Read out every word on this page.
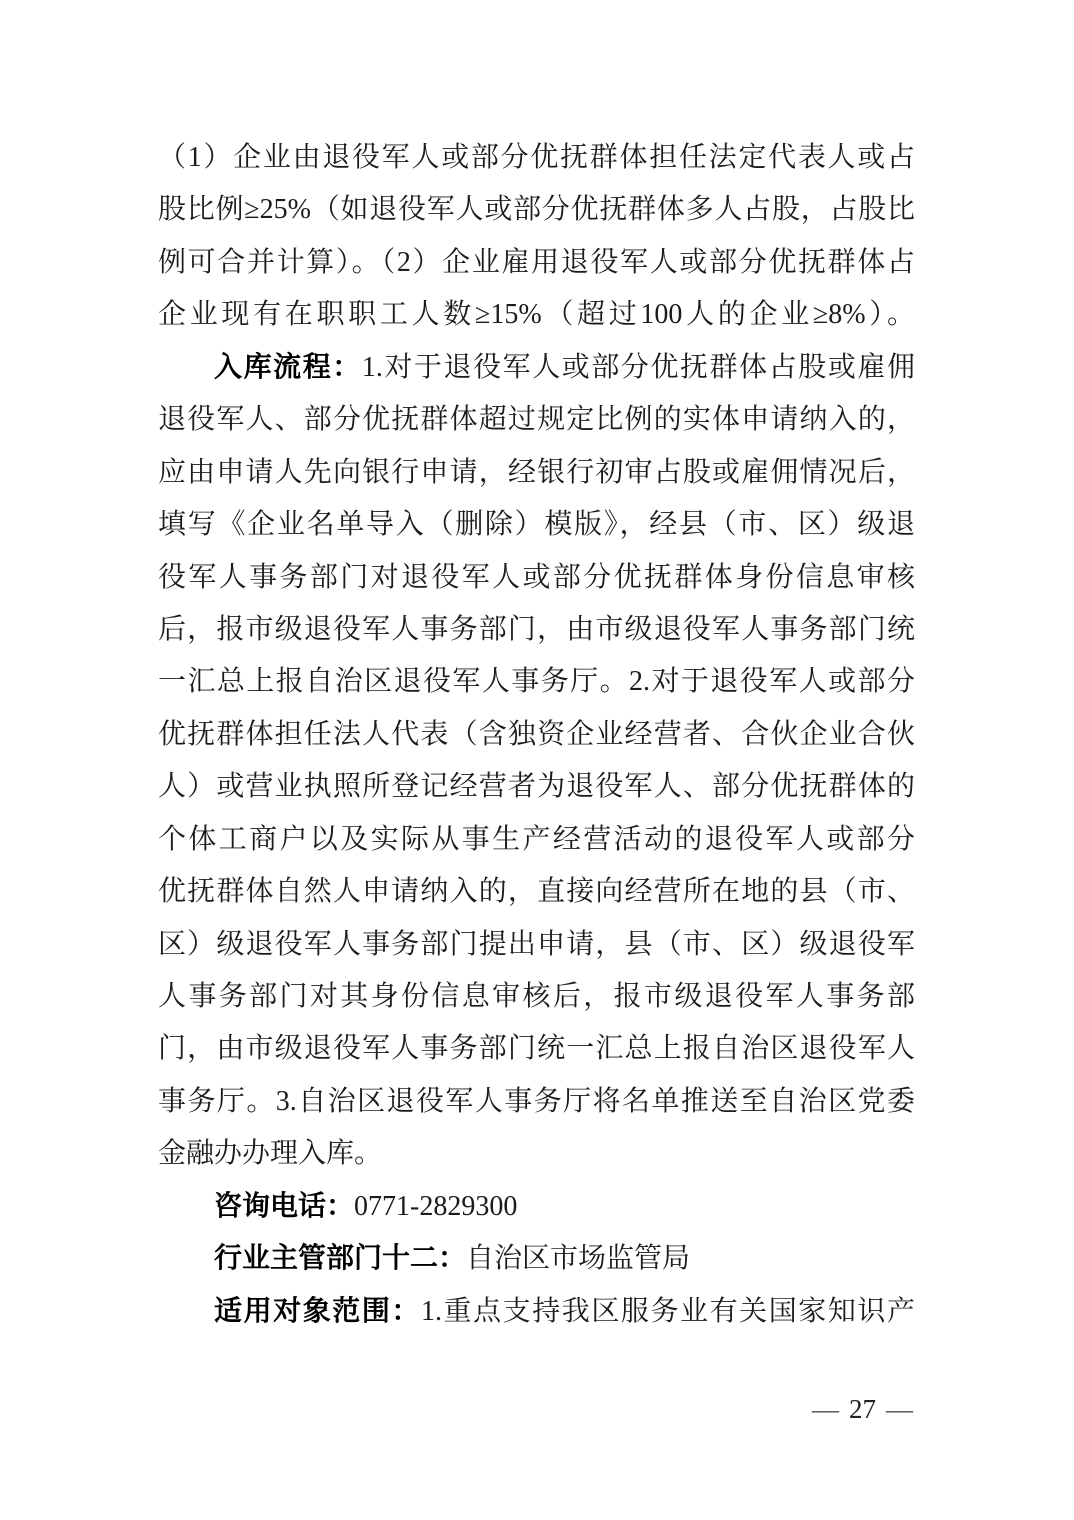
（1）企业由退役军人或部分优抚群体担任法定代表人或占
股比例≥25%（如退役军人或部分优抚群体多人占股，占股比
例可合并计算）。（2）企业雇用退役军人或部分优抚群体占
企业现有在职职工人数≥15%（超过100人的企业≥8%）。
入库流程：1.对于退役军人或部分优抚群体占股或雇佣
退役军人、部分优抚群体超过规定比例的实体申请纳入的，
应由申请人先向银行申请，经银行初审占股或雇佣情况后，
填写《企业名单导入（删除）模版》，经县（市、区）级退
役军人事务部门对退役军人或部分优抚群体身份信息审核
后，报市级退役军人事务部门，由市级退役军人事务部门统
一汇总上报自治区退役军人事务厅。2.对于退役军人或部分
优抚群体担任法人代表（含独资企业经营者、合伙企业合伙
人）或营业执照所登记经营者为退役军人、部分优抚群体的
个体工商户以及实际从事生产经营活动的退役军人或部分
优抚群体自然人申请纳入的，直接向经营所在地的县（市、
区）级退役军人事务部门提出申请，县（市、区）级退役军
人事务部门对其身份信息审核后，报市级退役军人事务部
门，由市级退役军人事务部门统一汇总上报自治区退役军人
事务厅。3.自治区退役军人事务厅将名单推送至自治区党委
金融办办理入库。
咨询电话：0771-2829300
行业主管部门十二：自治区市场监管局
适用对象范围：1.重点支持我区服务业有关国家知识产
— 27 —
